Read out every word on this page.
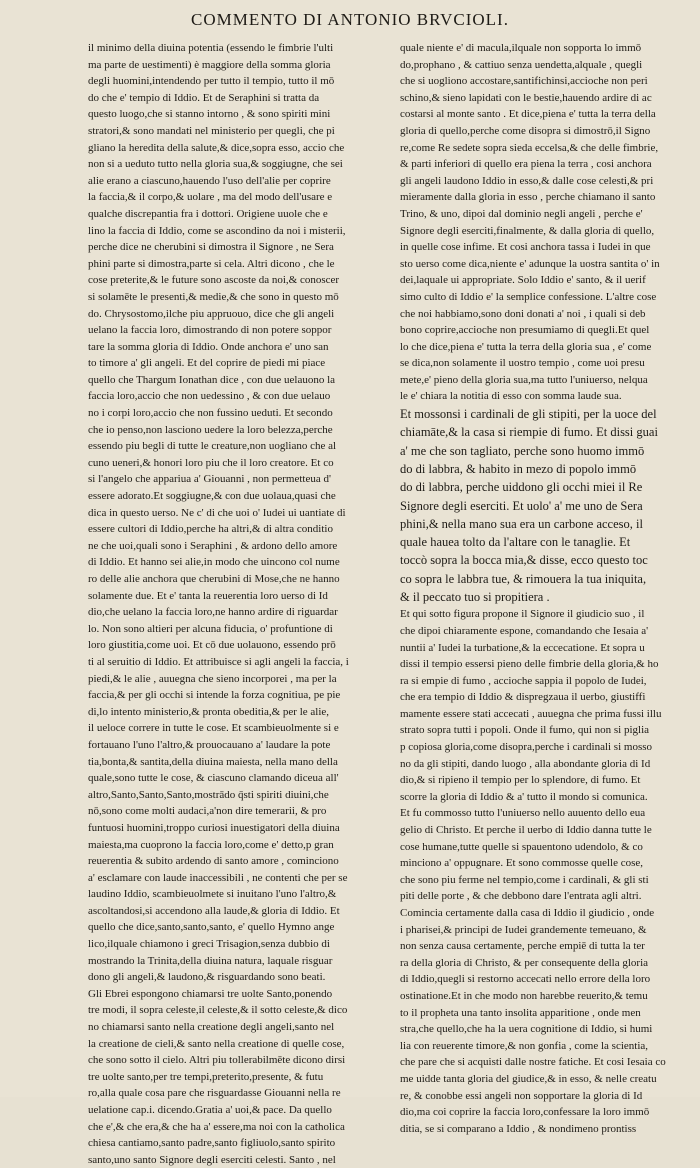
COMMENTO DI ANTONIO BRVCIOLI.
il minimo della diuina potentia (essendo le fimbrie l'ulti
ma parte de uestimenti) è maggiore della somma gloria
degli huomini,intendendo per tutto il tempio, tutto il mō
do che e' tempio di Iddio. Et de Seraphini si tratta da
questo luogo,che si stanno intorno , & sono spiriti mini
stratori,& sono mandati nel ministerio per quegli, che pi
gliano la heredita della salute,& dice,sopra esso, accio che
non si a ueduto tutto nella gloria sua,& soggiugne, che sei
alie erano a ciascuno,hauendo l'uso dell'alie per coprire
la faccia,& il corpo,& uolare , ma del modo dell'usare e
qualche discrepantia fra i dottori. Origiene uuole che e
lino la faccia di Iddio, come se ascondino da noi i misterii,
perche dice ne cherubini si dimostra il Signore , ne Sera
phini parte si dimostra,parte si cela. Altri dicono , che le
cose preterite,& le future sono ascoste da noi,& conoscer
si solamēte le presenti,& medie,& che sono in questo mō
do. Chrysostomo,ilche piu appruouo, dice che gli angeli
uelano la faccia loro, dimostrando di non potere soppor
tare la somma gloria di Iddio. Onde anchora e' uno san
to timore a' gli angeli. Et del coprire de piedi mi piace
quello che Thargum Ionathan dice , con due uelauono la
faccia loro,accio che non uedessino , & con due uelauo
no i corpi loro,accio che non fussino ueduti. Et secondo
che io penso,non lasciono uedere la loro belezza,perche
essendo piu begli di tutte le creature,non uogliano che al
cuno ueneri,& honori loro piu che il loro creatore. Et co
si l'angelo che appariua a' Giouanni , non permetteua d'
essere adorato.Et soggiugne,& con due uolaua,quasi che
dica in questo uerso. Ne c' di che uoi o' Iudei ui uantiate di
essere cultori di Iddio,perche ha altri,& di altra conditio
ne che uoi,quali sono i Seraphini , & ardono dello amore
di Iddio. Et hanno sei alie,in modo che uincono col nume
ro delle alie anchora que cherubini di Mose,che ne hanno
solamente due. Et e' tanta la reuerentia loro uerso di Id
dio,che uelano la faccia loro,ne hanno ardire di riguardar
lo. Non sono altieri per alcuna fiducia, o' profuntione di
loro giustitia,come uoi. Et cō due uolauono, essendo prō
ti al seruitio di Iddio. Et attribuisce si agli angeli la faccia, i
piedi,& le alie , auuegna che sieno incorporei , ma per la
faccia,& per gli occhi si intende la forza cognitiua, pe pie
di,lo intento ministerio,& pronta obeditia,& per le alie,
il ueloce correre in tutte le cose. Et scambieuolmente si e
fortauano l'uno l'altro,& prouocauano a' laudare la pote
tia,bonta,& santita,della diuina maiesta, nella mano della
quale,sono tutte le cose, & ciascuno clamando diceua all'
altro,Santo,Santo,Santo,mostrādo q̄sti spiriti diuini,che
nō,sono come molti audaci,a'non dire temerarii, & pro
funtuosi huomini,troppo curiosi inuestigatori della diuina
maiesta,ma cuoprono la faccia loro,come e' detto,p gran
reuerentia & subito ardendo di santo amore , cominciono
a' esclamare con laude inaccessibili , ne contenti che per se
laudino Iddio, scambieuolmete si inuitano l'uno l'altro,&
ascoltandosi,si accendono alla laude,& gloria di Iddio. Et
quello che dice,santo,santo,santo, e' quello Hymno ange
lico,ilquale chiamono i greci Trisagion,senza dubbio di
mostrando la Trinita,della diuina natura, laquale risguar
dono gli angeli,& laudono,& risguardando sono beati.
Gli Ebrei espongono chiamarsi tre uolte Santo,ponendo
tre modi, il sopra celeste,il celeste,& il sotto celeste,& dico
no chiamarsi santo nella creatione degli angeli,santo nel
la creatione de cieli,& santo nella creatione di quelle cose,
che sono sotto il cielo. Altri piu tollerabilmēte dicono dirsi
tre uolte santo,per tre tempi,preterito,presente, & futu
ro,alla quale cosa pare che risguardasse Giouanni nella re
uelatione cap.i. dicendo.Gratia a' uoi,& pace. Da quello
che e',& che era,& che ha a' essere,ma noi con la catholica
chiesa cantiamo,santo padre,santo figliuolo,santo spirito
santo,uno santo Signore degli eserciti celesti. Santo , nel
quale niente e' di macula,ilquale non sopporta lo immō
do,prophano , & cattiuo senza uendetta,alquale , quegli
che si uogliono accostare,santifichinsi,accioche non peri
schino,& sieno lapidati con le bestie,hauendo ardire di ac
costarsi al monte santo . Et dice,piena e' tutta la terra della
gloria di quello,perche come disopra si dimostrō,il Signo
re,come Re sedete sopra sieda eccelsa,& che delle fimbrie,
& parti inferiori di quello era piena la terra , cosi anchora
gli angeli laudono Iddio in esso,& dalle cose celesti,& pri
mieramente dalla gloria in esso , perche chiamano il santo
Trino, & uno, dipoi dal dominio negli angeli , perche e'
Signore degli eserciti,finalmente, & dalla gloria di quello,
in quelle cose infime. Et cosi anchora tassa i Iudei in que
sto uerso come dica,niente e' adunque la uostra santita o' in
dei,laquale ui appropriate. Solo Iddio e' santo, & il uerif
simo culto di Iddio e' la semplice confessione. L'altre cose
che noi habbiamo,sono doni donati a' noi , i quali si deb
bono coprire,accioche non presumiamo di quegli.Et quel
lo che dice,piena e' tutta la terra della gloria sua , e' come
se dica,non solamente il uostro tempio , come uoi presu
mete,e' pieno della gloria sua,ma tutto l'uniuerso, nelqua
le e' chiara la notitia di esso con somma laude sua.
Et mossonsi i cardinali de gli stipiti, per la uoce del
chiamāte,& la casa si riempie di fumo. Et dissi guai
a' me che son tagliato, perche sono huomo immō
do di labbra, & habito in mezo di popolo immō
do di labbra, perche uiddono gli occhi miei il Re
Signore degli eserciti. Et uolo' a' me uno de Sera
phini,& nella mano sua era un carbone acceso, il
quale hauea tolto da l'altare con le tanaglie. Et
toccò sopra la bocca mia,& disse, ecco questo toc
co sopra le labbra tue, & rimouera la tua iniquita,
& il peccato tuo si propitiera .
Et qui sotto figura propone il Signore il giudicio suo , il
che dipoi chiaramente espone, comandando che Iesaia a'
nuntii a' Iudei la turbatione,& la eccecatione. Et sopra u
dissi il tempio essersi pieno delle fimbrie della gloria,& ho
ra si empie di fumo , accioche sappia il popolo de Iudei,
che era tempio di Iddio & dispregzaua il uerbo, giustiffi
mamente essere stati accecati , auuegna che prima fussi illu
strato sopra tutti i popoli. Onde il fumo, qui non si piglia
p copiosa gloria,come disopra,perche i cardinali si mosso
no da gli stipiti, dando luogo , alla abondante gloria di Id
dio,& si ripieno il tempio per lo splendore, di fumo. Et
scorre la gloria di Iddio & a' tutto il mondo si comunica.
Et fu commosso tutto l'uniuerso nello auuento dello eua
gelio di Christo. Et perche il uerbo di Iddio danna tutte le
cose humane,tutte quelle si spauentono udendolo, & co
minciono a' oppugnare. Et sono commosse quelle cose,
che sono piu ferme nel tempio,come i cardinali, & gli sti
piti delle porte , & che debbono dare l'entrata agli altri.
Comincia certamente dalla casa di Iddio il giudicio , onde
i pharisei,& principi de Iudei grandemente temeuano, &
non senza causa certamente, perche empiē di tutta la ter
ra della gloria di Christo, & per consequente della gloria
di Iddio,quegli si restorno accecati nello errore della loro
ostinatione.Et in che modo non harebbe reuerito,& temu
to il propheta una tanto insolita apparitione , onde men
stra,che quello,che ha la uera cognitione di Iddio, si humi
lia con reuerente timore,& non gonfia , come la scientia,
che pare che si acquisti dalle nostre fatiche. Et cosi Iesaia co
me uidde tanta gloria del giudice,& in esso, & nelle creatu
re, & conobbe essi angeli non sopportare la gloria di Id
dio,ma coi coprire la faccia loro,confessare la loro immō
ditia, se si comparano a Iddio , & nondimeno prontiss
